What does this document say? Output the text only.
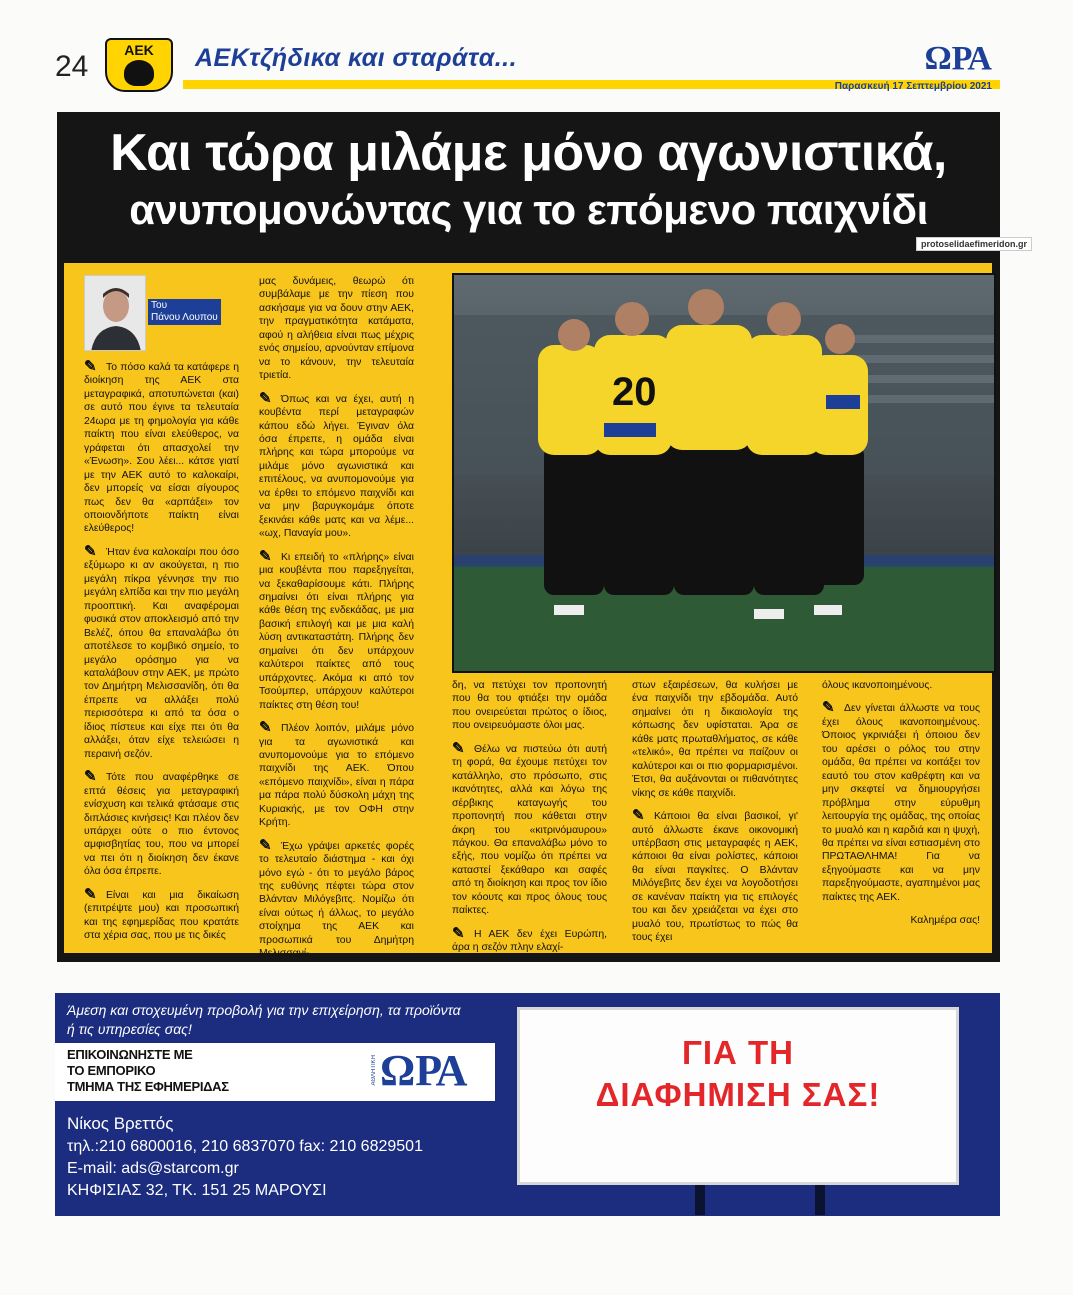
24	ΑΕΚ	ΑΕΚτζήδικα και σταράτα...	ΩΡΑ
Παρασκευή 17 Σεπτεμβρίου 2021
Και τώρα μιλάμε μόνο αγωνιστικά,
ανυπομονώντας για το επόμενο παιχνίδι
protoselidaefimeridon.gr
Του
Πάνου Λουπου

✎ Το πόσο καλά τα κατάφερε η διοίκηση της ΑΕΚ στα μεταγραφικά, αποτυπώνεται (και) σε αυτό που έγινε τα τελευταία 24ωρα με τη φημολογία για κάθε παίκτη που είναι ελεύθερος, να γράφεται ότι απασχολεί την «Ένωση». Σου λέει... κάτσε γιατί με την ΑΕΚ αυτό το καλοκαίρι, δεν μπορείς να είσαι σίγουρος πως δεν θα «αρπάξει» τον οποιονδήποτε παίκτη είναι ελεύθερος!

✎ Ήταν ένα καλοκαίρι που όσο εξύμωρο κι αν ακούγεται, η πιο μεγάλη πίκρα γέννησε την πιο μεγάλη ελπίδα και την πιο μεγάλη προοπτική. Και αναφέρομαι φυσικά στον αποκλεισμό από την Βελέζ, όπου θα επαναλάβω ότι αποτέλεσε το κομβικό σημείο, το μεγάλο ορόσημο για να καταλάβουν στην ΑΕΚ, με πρώτο τον Δημήτρη Μελισσανίδη, ότι θα έπρεπε να αλλάξει πολύ περισσότερα κι από τα όσα ο ίδιος πίστευε και είχε πει ότι θα αλλάξει, όταν είχε τελειώσει η περαινή σεζόν.

✎ Τότε που αναφέρθηκε σε επτά θέσεις για μεταγραφική ενίσχυση και τελικά φτάσαμε στις διπλάσιες κινήσεις! Και πλέον δεν υπάρχει ούτε ο πιο έντονος αμφισβητίας του, που να μπορεί να πει ότι η διοίκηση δεν έκανε όλα όσα έπρεπε.

✎ Είναι και μια δικαίωση (επιτρέψτε μου) και προσωπική και της εφημερίδας που κρατάτε στα χέρια σας, που με τις δικές

μας δυνάμεις, θεωρώ ότι συμβάλαμε με την πίεση που ασκήσαμε για να δουν στην ΑΕΚ, την πραγματικότητα κατάματα, αφού η αλήθεια είναι πως μέχρις ενός σημείου, αρνούνταν επίμονα να το κάνουν, την τελευταία τριετία.

✎ Όπως και να έχει, αυτή η κουβέντα περί μεταγραφών κάπου εδώ λήγει. Έγιναν όλα όσα έπρεπε, η ομάδα είναι πλήρης και τώρα μπορούμε να μιλάμε μόνο αγωνιστικά και επιτέλους, να ανυπομονούμε για να έρθει το επόμενο παιχνίδι και να μην βαρυγκομάμε όποτε ξεκινάει κάθε ματς και να λέμε... «ωχ, Παναγία μου».

✎ Κι επειδή το «πλήρης» είναι μια κουβέντα που παρεξηγείται, να ξεκαθαρίσουμε κάτι. Πλήρης σημαίνει ότι είναι πλήρης για κάθε θέση της ενδεκάδας, με μια βασική επιλογή και με μια καλή λύση αντικαταστάτη. Πλήρης δεν σημαίνει ότι δεν υπάρχουν καλύτεροι παίκτες από τους υπάρχοντες. Ακόμα κι από τον Τσούμπερ, υπάρχουν καλύτεροι παίκτες στη θέση του!

✎ Πλέον λοιπόν, μιλάμε μόνο για τα αγωνιστικά και ανυπομονούμε για το επόμενο παιχνίδι της ΑΕΚ. Όπου «επόμενο παιχνίδι», είναι η πάρα μα πάρα πολύ δύσκολη μάχη της Κυριακής, με τον ΟΦΗ στην Κρήτη.

✎ Έχω γράψει αρκετές φορές το τελευταίο διάστημα - και όχι μόνο εγώ - ότι το μεγάλο βάρος της ευθύνης πέφτει τώρα στον Βλάνταν Μιλόγεβιτς. Νομίζω ότι είναι ούτως ή άλλως, το μεγάλο στοίχημα της ΑΕΚ και προσωπικά του Δημήτρη Μελισσανί-

δη, να πετύχει τον προπονητή που θα του φτιάξει την ομάδα που ονειρεύεται πρώτος ο ίδιος, που ονειρευόμαστε όλοι μας.

✎ Θέλω να πιστεύω ότι αυτή τη φορά, θα έχουμε πετύχει τον κατάλληλο, στο πρόσωπο, στις ικανότητες, αλλά και λόγω της σέρβικης καταγωγής του προπονητή που κάθεται στην άκρη του «κιτρινόμαυρου» πάγκου. Θα επαναλάβω μόνο το εξής, που νομίζω ότι πρέπει να καταστεί ξεκάθαρο και σαφές από τη διοίκηση και προς τον ίδιο τον κόουτς και προς όλους τους παίκτες.

✎ Η ΑΕΚ δεν έχει Ευρώπη, άρα η σεζόν πλην ελαχί-

στων εξαιρέσεων, θα κυλήσει με ένα παιχνίδι την εβδομάδα. Αυτό σημαίνει ότι η δικαιολογία της κόπωσης δεν υφίσταται. Άρα σε κάθε ματς πρωταθλήματος, σε κάθε «τελικό», θα πρέπει να παίζουν οι καλύτεροι και οι πιο φορμαρισμένοι. Έτσι, θα αυξάνονται οι πιθανότητες νίκης σε κάθε παιχνίδι.

✎ Κάποιοι θα είναι βασικοί, γι' αυτό άλλωστε έκανε οικονομική υπέρβαση στις μεταγραφές η ΑΕΚ, κάποιοι θα είναι ρολίστες, κάποιοι θα είναι παγκίτες. Ο Βλάνταν Μιλόγεβιτς δεν έχει να λογοδοτήσει σε κανέναν παίκτη για τις επιλογές του και δεν χρειάζεται να έχει στο μυαλό του, πρωτίστως το πώς θα τους έχει

όλους ικανοποιημένους.

✎ Δεν γίνεται άλλωστε να τους έχει όλους ικανοποιημένους. Όποιος γκρινιάξει ή όποιου δεν του αρέσει ο ρόλος του στην ομάδα, θα πρέπει να κοιτάξει τον εαυτό του στον καθρέφτη και να μην σκεφτεί να δημιουργήσει πρόβλημα στην εύρυθμη λειτουργία της ομάδας, της οποίας το μυαλό και η καρδιά και η ψυχή, θα πρέπει να είναι εστιασμένη στο ΠΡΩΤΑΘΛΗΜΑ! Για να εξηγούμαστε και να μην παρεξηγούμαστε, αγαπημένοι μας παίκτες της ΑΕΚ.

Καλημέρα σας!

20
Άμεση και στοχευμένη προβολή για την επιχείρηση, τα προϊόντα ή τις υπηρεσίες σας!
ΕΠΙΚΟΙΝΩΝΗΣΤΕ ΜΕ
ΤΟ ΕΜΠΟΡΙΚΟ
ΤΜΗΜΑ ΤΗΣ ΕΦΗΜΕΡΙΔΑΣ
ΑΘΛΗΤΙΚΗ ΩΡΑ
Νίκος Βρεττός
τηλ.:210 6800016, 210 6837070 fax: 210 6829501
E-mail: ads@starcom.gr
ΚΗΦΙΣΙΑΣ 32, ΤΚ. 151 25 ΜΑΡΟΥΣΙ
ΓΙΑ ΤΗ
ΔΙΑΦΗΜΙΣΗ ΣΑΣ!
